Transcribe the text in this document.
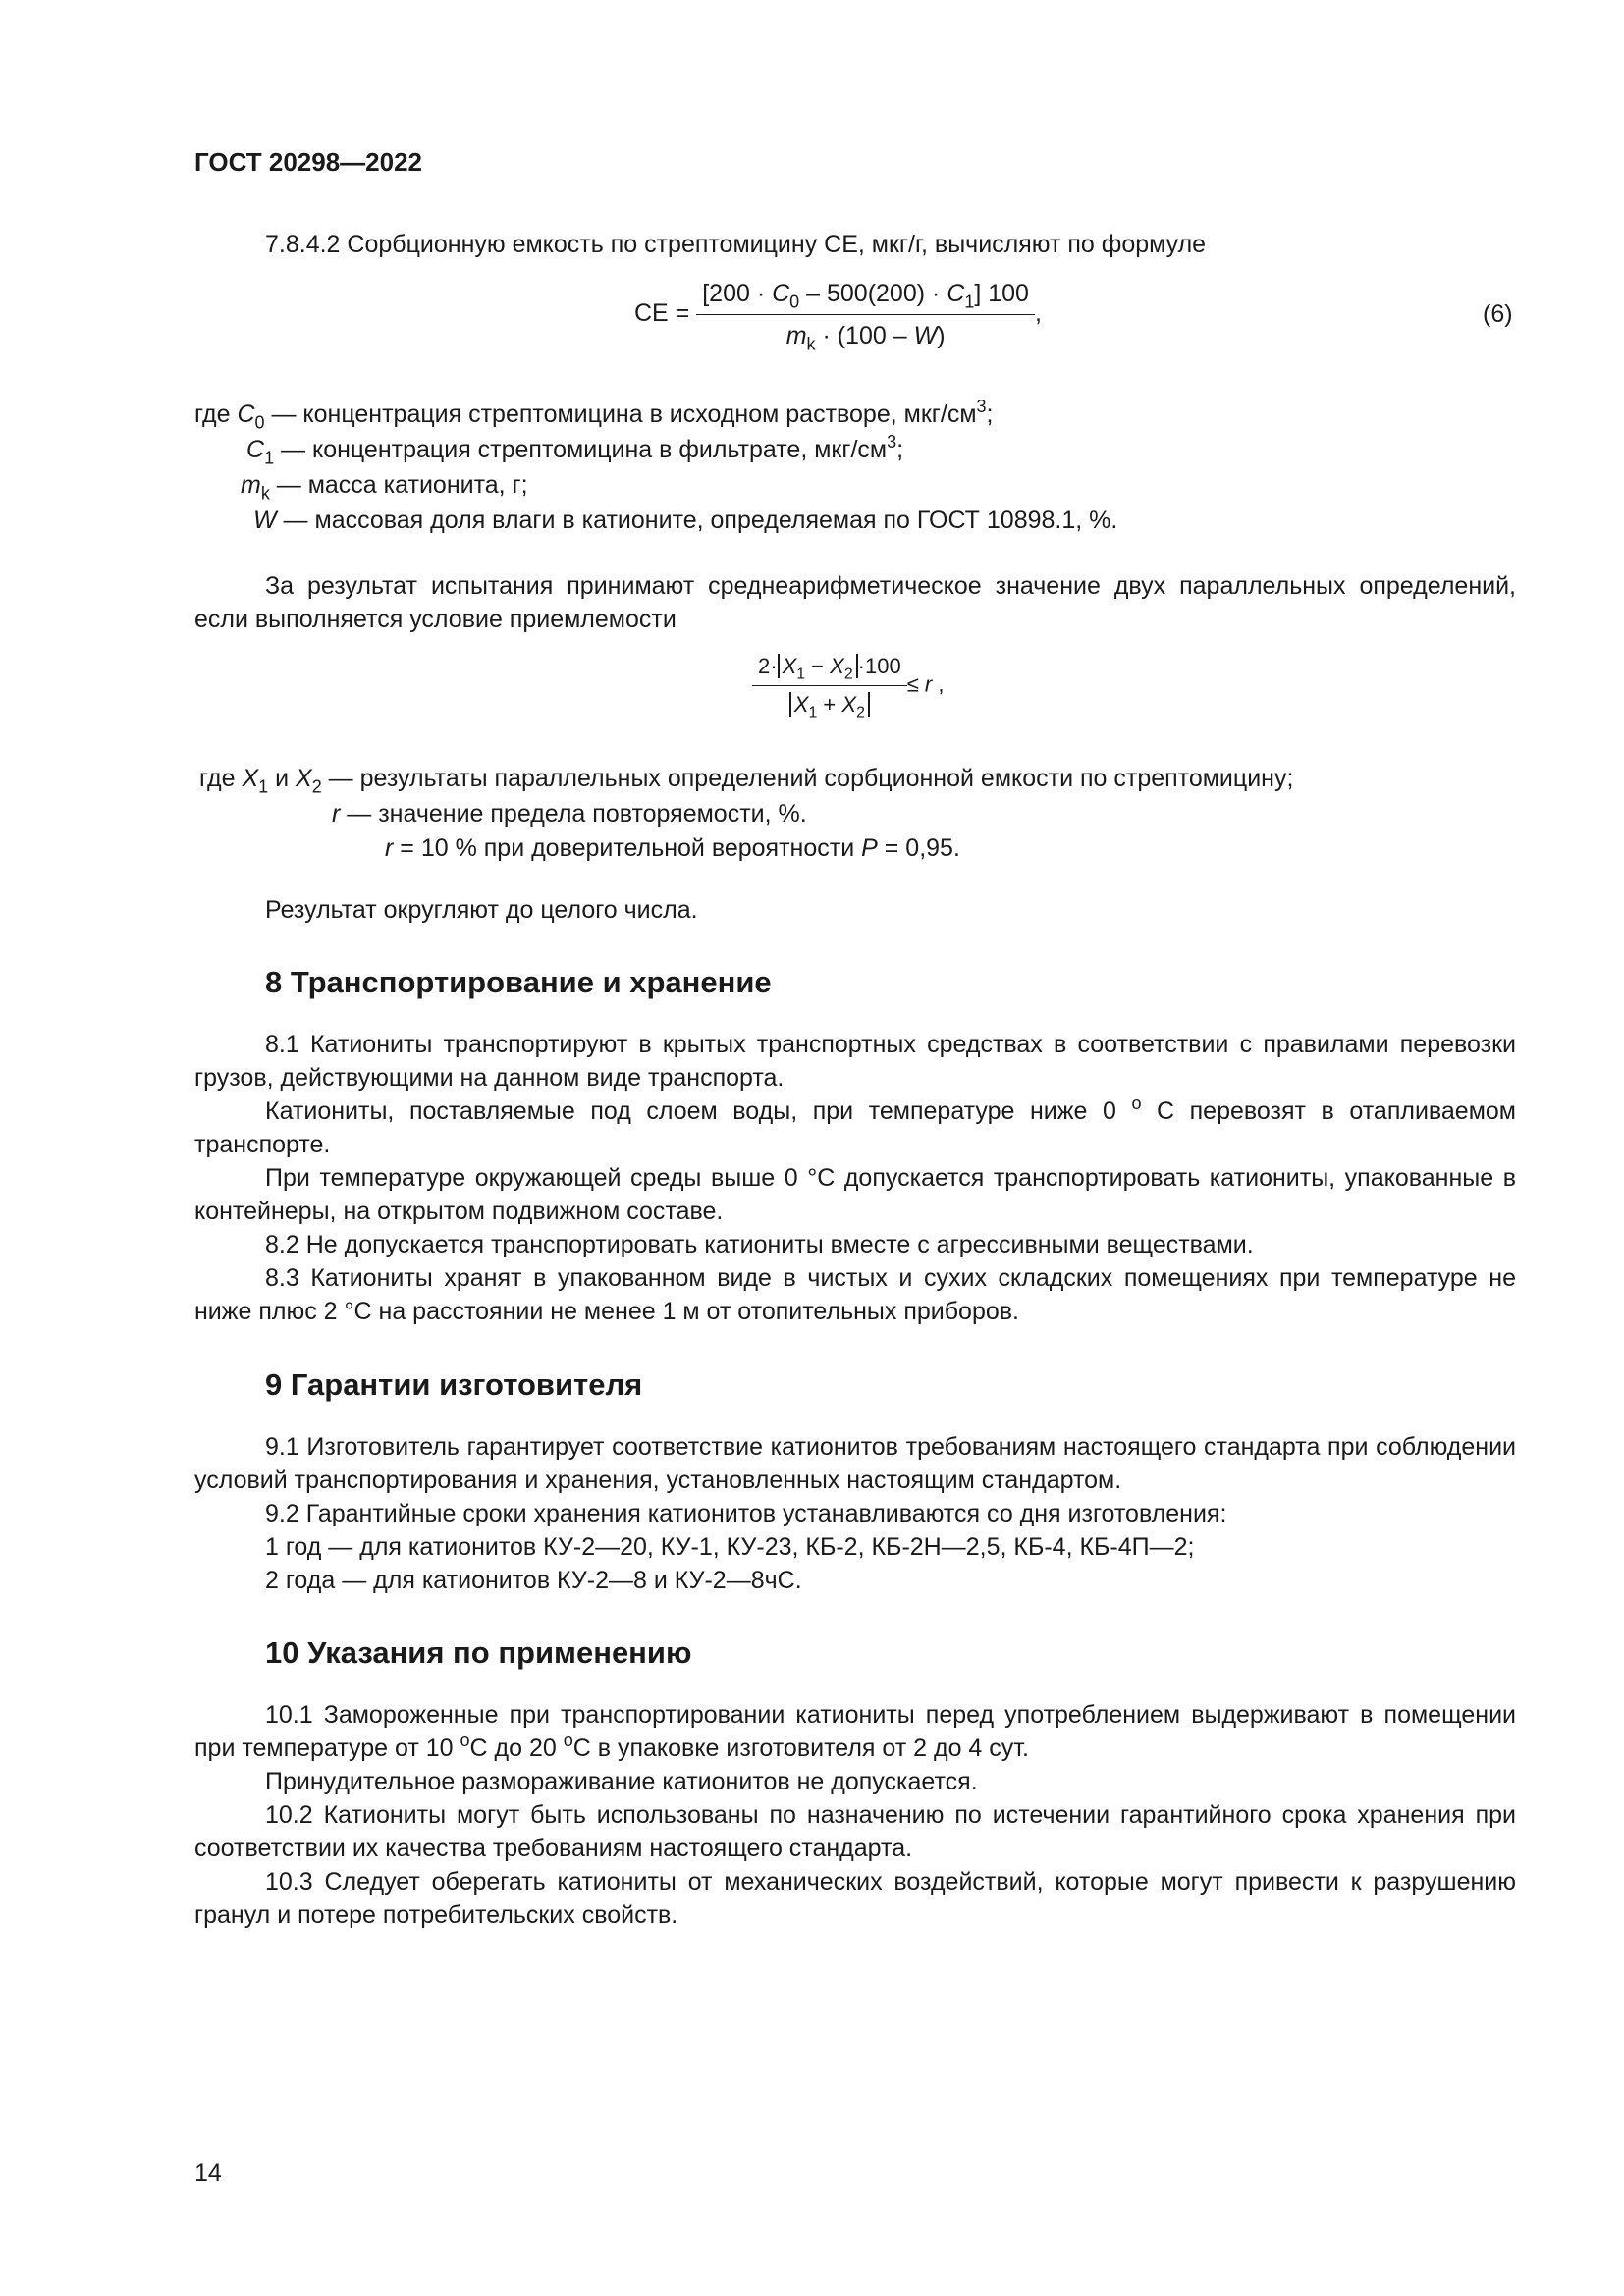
ГОСТ 20298—2022

7.8.4.2 Сорбционную емкость по стрептомицину СЕ, мкг/г, вычисляют по формуле

СЕ = $\frac{[200 \cdot C_0 - 500(200) \cdot C_1] 100}{m_k \cdot (100 - W)}$ ,	(6)
где $C_0$ — концентрация стрептомицина в исходном растворе, мкг/$см^3$;
$C_1$ — концентрация стрептомицина в фильтрате, мкг/$см^3$;
$m_k$ — масса катионита, г;
W — массовая доля влаги в катионите, определяемая по ГОСТ 10898.1, %.

За результат испытания принимают среднеарифметическое значение двух параллельных определений, если выполняется условие приемлемости

$\frac{2\cdot X_1 - X_2 \cdot 100}{X_1 + X_2} \le r$ ,
где $X_1$ и $X_2$ — результаты параллельных определений сорбционной емкости по стрептомицину;
r — значение предела повторяемости, %.
r = 10 % при доверительной вероятности P = 0,95.

Результат округляют до целого числа.

8 Транспортирование и хранение

8.1 Катиониты транспортируют в крытых транспортных средствах в соответствии с правилами перевозки грузов, действующими на данном виде транспорта.

Катиониты, поставляемые под слоем воды, при температуре ниже 0 $^о$ С перевозят в отапливаемом транспорте.

При температуре окружающей среды выше 0 °С допускается транспортировать катиониты, упакованные в контейнеры, на открытом подвижном составе.

8.2 Не допускается транспортировать катиониты вместе с агрессивными веществами.

8.3 Катиониты хранят в упакованном виде в чистых и сухих складских помещениях при температуре не ниже плюс 2 °С на расстоянии не менее 1 м от отопительных приборов.

9 Гарантии изготовителя

9.1 Изготовитель гарантирует соответствие катионитов требованиям настоящего стандарта при соблюдении условий транспортирования и хранения, установленных настоящим стандартом.

9.2 Гарантийные сроки хранения катионитов устанавливаются со дня изготовления:

1 год — для катионитов КУ-2—20, КУ-1, КУ-23, КБ-2, КБ-2Н—2,5, КБ-4, КБ-4П—2;

2 года — для катионитов КУ-2—8 и КУ-2—8чС.

10 Указания по применению

10.1 Замороженные при транспортировании катиониты перед употреблением выдерживают в помещении при температуре от 10 $^о$С до 20 $^о$С в упаковке изготовителя от 2 до 4 сут.

Принудительное размораживание катионитов не допускается.

10.2 Катиониты могут быть использованы по назначению по истечении гарантийного срока хранения при соответствии их качества требованиям настоящего стандарта.

10.3 Следует оберегать катиониты от механических воздействий, которые могут привести к разрушению гранул и потере потребительских свойств.

14
